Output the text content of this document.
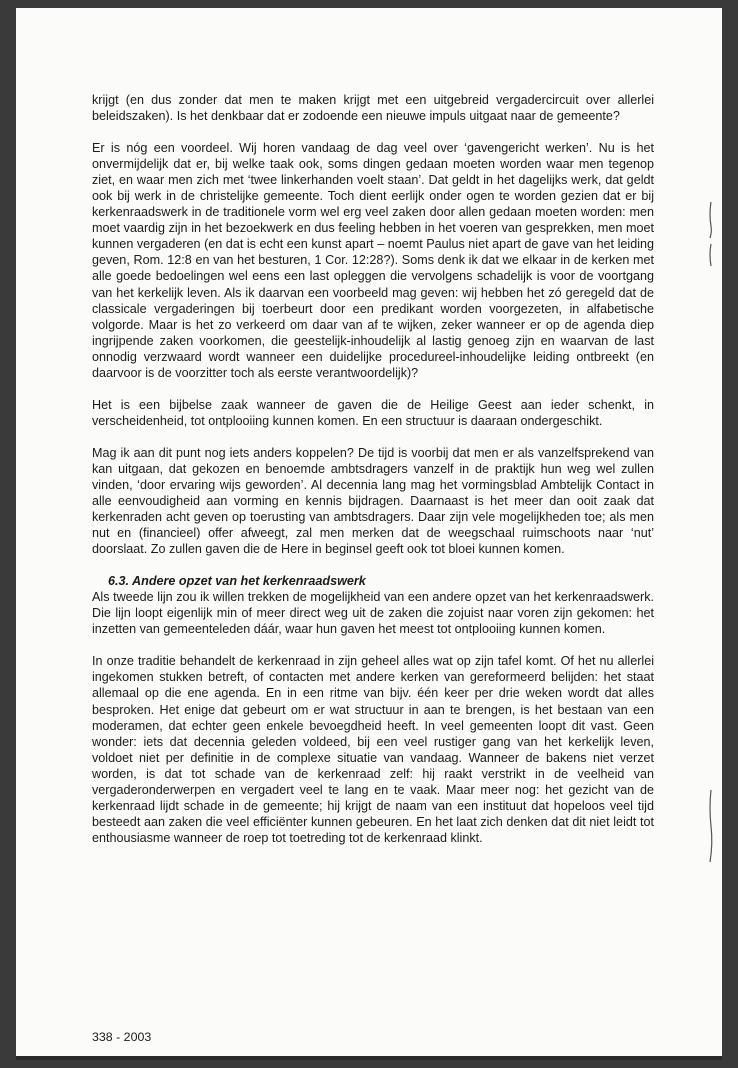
krijgt (en dus zonder dat men te maken krijgt met een uitgebreid vergadercircuit over allerlei beleidszaken). Is het denkbaar dat er zodoende een nieuwe impuls uitgaat naar de gemeente?

Er is nóg een voordeel. Wij horen vandaag de dag veel over ‘gavengericht werken’. Nu is het onvermijdelijk dat er, bij welke taak ook, soms dingen gedaan moeten worden waar men tegenop ziet, en waar men zich met ‘twee linkerhanden voelt staan’. Dat geldt in het dagelijks werk, dat geldt ook bij werk in de christelijke gemeente. Toch dient eerlijk onder ogen te worden gezien dat er bij kerkenraadswerk in de traditionele vorm wel erg veel zaken door allen gedaan moeten worden: men moet vaardig zijn in het bezoekwerk en dus feeling hebben in het voeren van gesprekken, men moet kunnen vergaderen (en dat is echt een kunst apart – noemt Paulus niet apart de gave van het leiding geven, Rom. 12:8 en van het besturen, 1 Cor. 12:28?). Soms denk ik dat we elkaar in de kerken met alle goede bedoelingen wel eens een last opleggen die vervolgens schadelijk is voor de voortgang van het kerkelijk leven. Als ik daarvan een voorbeeld mag geven: wij hebben het zó geregeld dat de classicale vergaderingen bij toerbeurt door een predikant worden voorgezeten, in alfabetische volgorde. Maar is het zo verkeerd om daar van af te wijken, zeker wanneer er op de agenda diep ingrijpende zaken voorkomen, die geestelijk-inhoudelijk al lastig genoeg zijn en waarvan de last onnodig verzwaard wordt wanneer een duidelijke procedureel-inhoudelijke leiding ontbreekt (en daarvoor is de voorzitter toch als eerste verantwoordelijk)?

Het is een bijbelse zaak wanneer de gaven die de Heilige Geest aan ieder schenkt, in verscheidenheid, tot ontplooiing kunnen komen. En een structuur is daaraan ondergeschikt.

Mag ik aan dit punt nog iets anders koppelen? De tijd is voorbij dat men er als vanzelfsprekend van kan uitgaan, dat gekozen en benoemde ambtsdragers vanzelf in de praktijk hun weg wel zullen vinden, ‘door ervaring wijs geworden’. Al decennia lang mag het vormingsblad Ambtelijk Contact in alle eenvoudigheid aan vorming en kennis bijdragen. Daarnaast is het meer dan ooit zaak dat kerkenraden acht geven op toerusting van ambtsdragers. Daar zijn vele mogelijkheden toe; als men nut en (financieel) offer afweegt, zal men merken dat de weegschaal ruimschoots naar ‘nut’ doorslaat. Zo zullen gaven die de Here in beginsel geeft ook tot bloei kunnen komen.

6.3. Andere opzet van het kerkenraadswerk

Als tweede lijn zou ik willen trekken de mogelijkheid van een andere opzet van het kerkenraadswerk. Die lijn loopt eigenlijk min of meer direct weg uit de zaken die zojuist naar voren zijn gekomen: het inzetten van gemeenteleden dáár, waar hun gaven het meest tot ontplooiing kunnen komen.

In onze traditie behandelt de kerkenraad in zijn geheel alles wat op zijn tafel komt. Of het nu allerlei ingekomen stukken betreft, of contacten met andere kerken van gereformeerd belijden: het staat allemaal op die ene agenda. En in een ritme van bijv. één keer per drie weken wordt dat alles besproken. Het enige dat gebeurt om er wat structuur in aan te brengen, is het bestaan van een moderamen, dat echter geen enkele bevoegdheid heeft. In veel gemeenten loopt dit vast. Geen wonder: iets dat decennia geleden voldeed, bij een veel rustiger gang van het kerkelijk leven, voldoet niet per definitie in de complexe situatie van vandaag. Wanneer de bakens niet verzet worden, is dat tot schade van de kerkenraad zelf: hij raakt verstrikt in de veelheid van vergaderonderwerpen en vergadert veel te lang en te vaak. Maar meer nog: het gezicht van de kerkenraad lijdt schade in de gemeente; hij krijgt de naam van een instituut dat hopeloos veel tijd besteedt aan zaken die veel efficiënter kunnen gebeuren. En het laat zich denken dat dit niet leidt tot enthousiasme wanneer de roep tot toetreding tot de kerkenraad klinkt.

338 - 2003
